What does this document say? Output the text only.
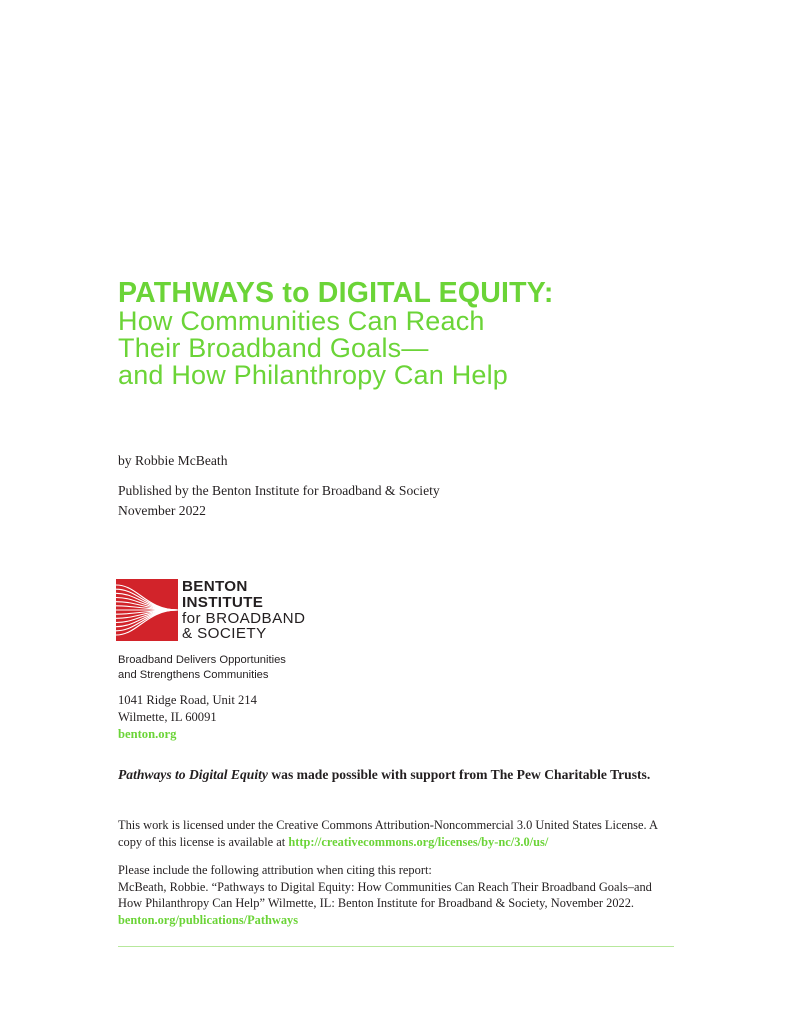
PATHWAYS to DIGITAL EQUITY:
How Communities Can Reach
Their Broadband Goals—
and How Philanthropy Can Help
by Robbie McBeath
Published by the Benton Institute for Broadband & Society
November 2022
BENTON
INSTITUTE
for BROADBAND
& SOCIETY
Broadband Delivers Opportunities
and Strengthens Communities
1041 Ridge Road, Unit 214
Wilmette, IL 60091
benton.org
Pathways to Digital Equity was made possible with support from The Pew Charitable Trusts.
This work is licensed under the Creative Commons Attribution-Noncommercial 3.0 United States License. A
copy of this license is available at http://creativecommons.org/licenses/by-nc/3.0/us/
Please include the following attribution when citing this report:
McBeath, Robbie. “Pathways to Digital Equity: How Communities Can Reach Their Broadband Goals–and
How Philanthropy Can Help” Wilmette, IL: Benton Institute for Broadband & Society, November 2022.
benton.org/publications/Pathways
